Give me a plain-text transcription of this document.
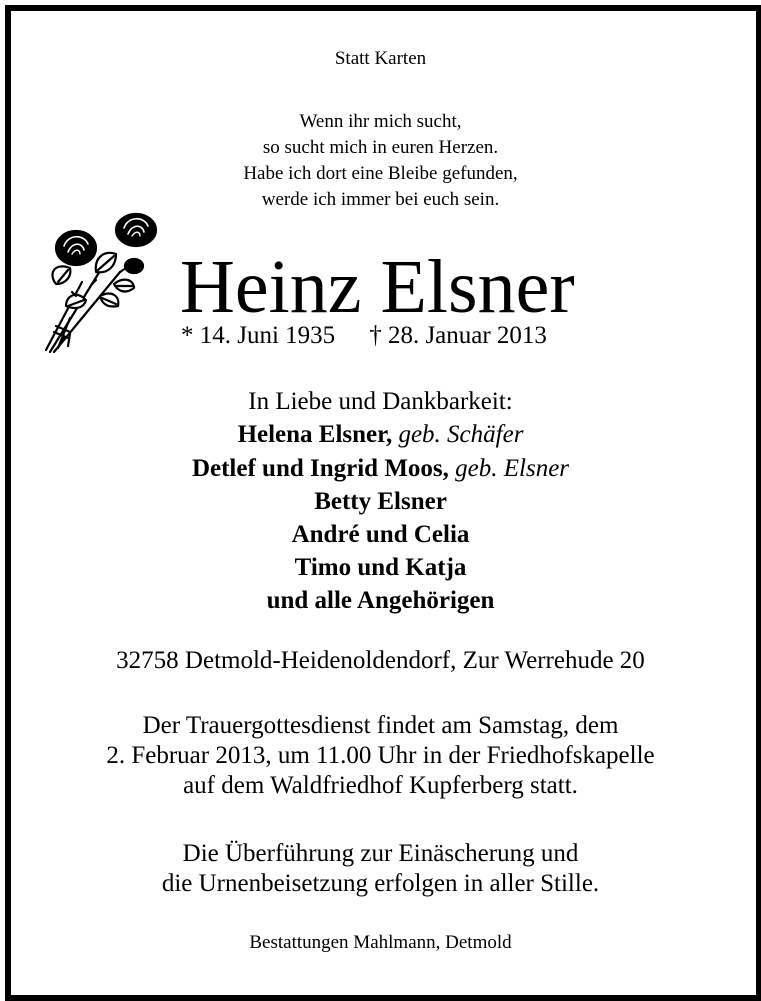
Statt Karten
Wenn ihr mich sucht,
so sucht mich in euren Herzen.
Habe ich dort eine Bleibe gefunden,
werde ich immer bei euch sein.
Heinz Elsner
* 14. Juni 1935 † 28. Januar 2013
In Liebe und Dankbarkeit:
Helena Elsner, geb. Schäfer
Detlef und Ingrid Moos, geb. Elsner
Betty Elsner
André und Celia
Timo und Katja
und alle Angehörigen
32758 Detmold-Heidenoldendorf, Zur Werrehude 20
Der Trauergottesdienst findet am Samstag, dem
2. Februar 2013, um 11.00 Uhr in der Friedhofskapelle
auf dem Waldfriedhof Kupferberg statt.
Die Überführung zur Einäscherung und
die Urnenbeisetzung erfolgen in aller Stille.
Bestattungen Mahlmann, Detmold
